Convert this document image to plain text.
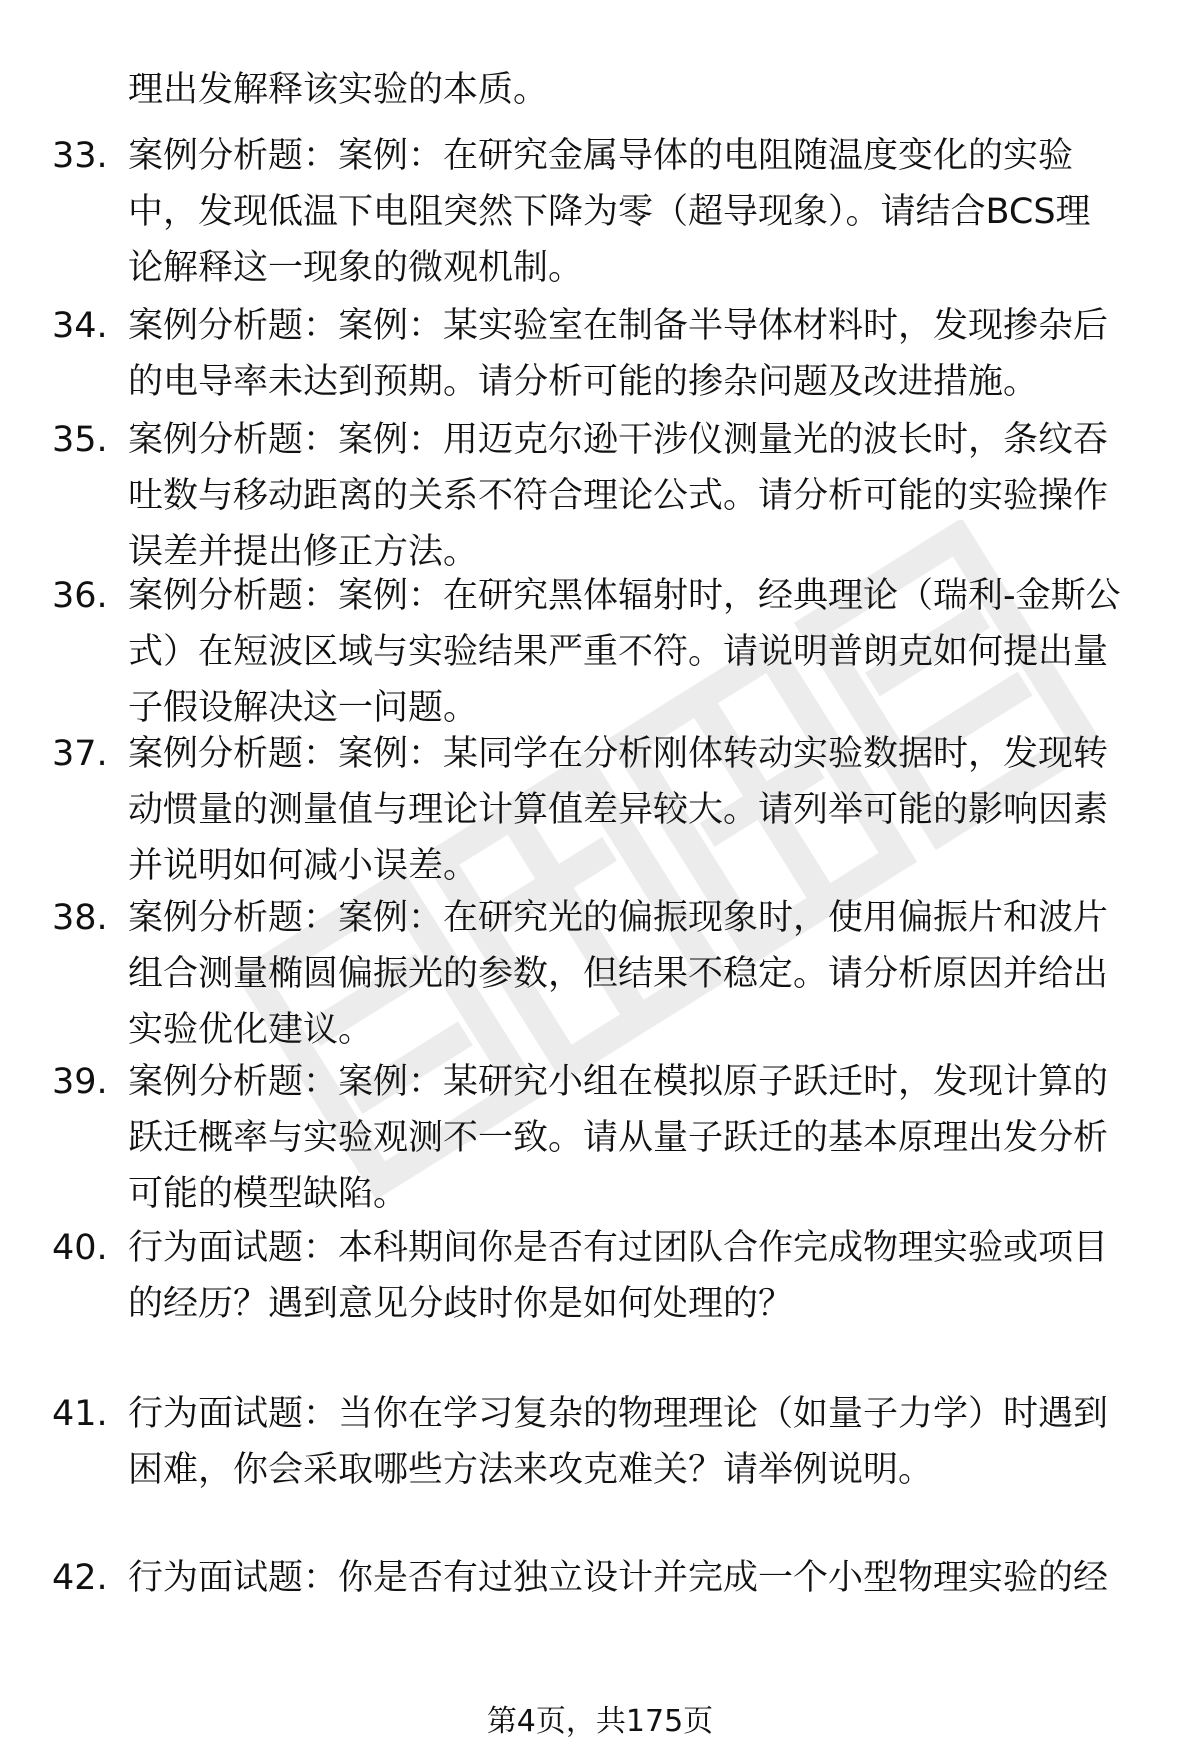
理出发解释该实验的本质。
33. 案例分析题：案例：在研究金属导体的电阻随温度变化的实验
中，发现低温下电阻突然下降为零（超导现象）。请结合BCS理
论解释这一现象的微观机制。
34. 案例分析题：案例：某实验室在制备半导体材料时，发现掺杂后
的电导率未达到预期。请分析可能的掺杂问题及改进措施。
35. 案例分析题：案例：用迈克尔逊干涉仪测量光的波长时，条纹吞
吐数与移动距离的关系不符合理论公式。请分析可能的实验操作
误差并提出修正方法。
36. 案例分析题：案例：在研究黑体辐射时，经典理论（瑞利-金斯公
式）在短波区域与实验结果严重不符。请说明普朗克如何提出量
子假设解决这一问题。
37. 案例分析题：案例：某同学在分析刚体转动实验数据时，发现转
动惯量的测量值与理论计算值差异较大。请列举可能的影响因素
并说明如何减小误差。
38. 案例分析题：案例：在研究光的偏振现象时，使用偏振片和波片
组合测量椭圆偏振光的参数，但结果不稳定。请分析原因并给出
实验优化建议。
39. 案例分析题：案例：某研究小组在模拟原子跃迁时，发现计算的
跃迁概率与实验观测不一致。请从量子跃迁的基本原理出发分析
可能的模型缺陷。
40. 行为面试题：本科期间你是否有过团队合作完成物理实验或项目
的经历？遇到意见分歧时你是如何处理的？
41. 行为面试题：当你在学习复杂的物理理论（如量子力学）时遇到
困难，你会采取哪些方法来攻克难关？请举例说明。
42. 行为面试题：你是否有过独立设计并完成一个小型物理实验的经
第4页，共175页
